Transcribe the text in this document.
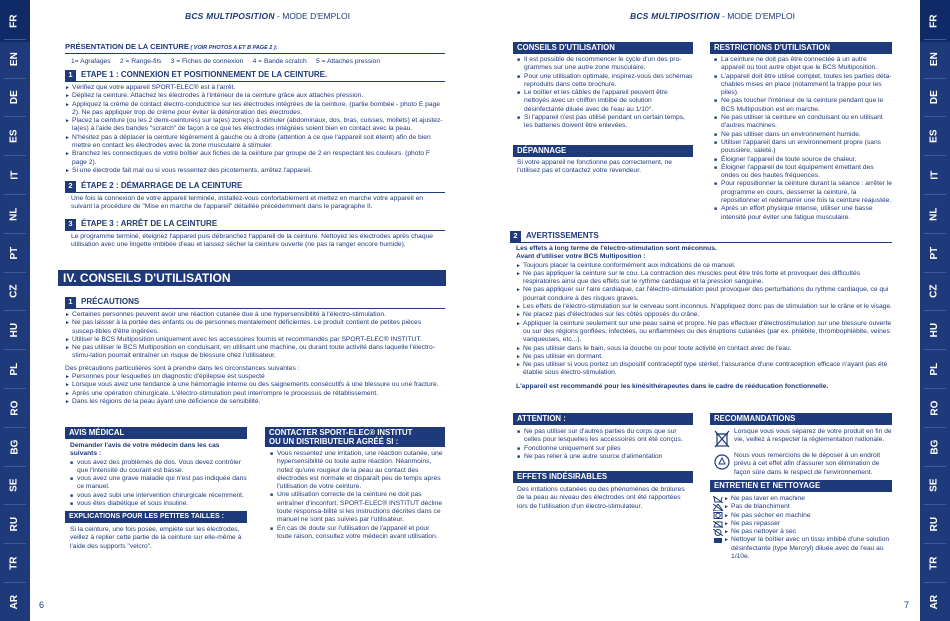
FR
EN
DE
ES
IT
NL
PT
CZ
HU
PL
RO
BG
SE
RU
TR
AR
FR
EN
DE
ES
IT
NL
PT
CZ
HU
PL
RO
BG
SE
RU
TR
AR
BCS MULTIPOSITION - MODE D'EMPLOI	BCS MULTIPOSITION - MODE D'EMPLOI
6	7
PRÉSENTATION DE LA CEINTURE ( VOIR PHOTOS A ET B PAGE 2 ):

1= Agrafages     2 = Range-fils     3 = Fiches de connexion     4 = Bande scratch     5 = Attaches pression

1	ETAPE 1 : CONNEXION ET POSITIONNEMENT DE LA CEINTURE.
► Vérifiez que votre appareil SPORT-ELEC® est à l'arrêt.
► Dépliez la ceinture. Attachez les électrodes à l'intérieur de la ceinture grâce aux attaches pression.
► Appliquez la crème de contact électro-conductrice sur les électrodes intégrées de la ceinture. (partie bombée - photo E page 2). Ne pas appliquer trop de crème pour éviter la détérioration des électrodes.
► Placez la ceinture (ou les 2 demi-ceintures) sur la(es) zone(s) à stimuler (abdominaux, dos, bras, cuisses, mollets) et ajustez-la(es) à l'aide des bandes "scratch" de façon à ce que les électrodes intégrées soient bien en contact avec la peau.
► N'hésitez pas à déplacer la ceinture légèrement à gauche ou à droite (attention à ce que l'appareil soit éteint) afin de bien mettre en contact les électrodes avec la zone musculaire à stimuler.
► Branchez les connectiques de votre boîtier aux fiches de la ceinture par groupe de 2 en respectant les couleurs. (photo F page 2).
► Si une électrode fait mal ou si vous ressentez des picotements, arrêtez l'appareil.
2	ÉTAPE 2 : DÉMARRAGE DE LA CEINTURE

Une fois la connexion de votre appareil terminée, installez-vous confortablement et mettez en marche votre appareil en suivant la procédure de "Mise en marche de l'appareil" détaillée précédemment dans le paragraphe II.

3	ÉTAPE 3 : ARRÊT DE LA CEINTURE

Le programme terminé, éteignez l'appareil puis débranchez l'appareil de la ceinture. Nettoyez les électrodes après chaque utilisation avec une lingette imbibée d'eau et laissez sécher la ceinture ouverte (ne pas la ranger encore humide).

IV. CONSEILS D'UTILISATION
1	PRÉCAUTIONS
► Certaines personnes peuvent avoir une réaction cutanée due à une hypersensibilité à l'électro-stimulation.
► Ne pas laisser à la portée des enfants ou de personnes mentalement déficientes. Le produit contient de petites pièces suscep-tibles d'être ingérées.
► Utiliser le BCS Multiposition uniquement avec les accessoires fournis et recommandés par SPORT-ELEC® INSTITUT.
► Ne pas utiliser le BCS Multiposition en conduisant, en utilisant une machine, ou durant toute activité dans laquelle l'électro-stimu-lation pourrait entraîner un risque de blessure chez l'utilisateur.

Des précautions particulières sont à prendre dans les circonstances suivantes :

► Personnes pour lesquelles un diagnostic d'épilepsie est suspecté
► Lorsque vous avez une tendance à une hémorragie interne ou des saignements consécutifs à une blessure ou une fracture.
► Après une opération chirurgicale. L'électro-stimulation peut interrompre le processus de rétablissement.
► Dans les régions de la peau ayant une déficience de sensibilité.
AVIS MÉDICAL

Demander l'avis de votre médecin dans les cas suivants :

■ vous avez des problèmes de dos. Vous devez contrôler que l'intensité du courant est basse.
■ vous avez une grave maladie qui n'est pas indiquée dans ce manuel.
■ vous avez subi une intervention chirurgicale récemment.
■ vous êtes diabétique et sous insuline.
EXPLICATIONS POUR LES PETITES TAILLES :

Si la ceinture, une fois posée, empiète sur les électrodes, veillez à replier cette partie de la ceinture sur elle-même à l'aide des supports "velcro".

CONTACTER SPORT-ELEC® INSTITUT
OU UN DISTRIBUTEUR AGRÉÉ SI :
■ Vous ressentez une irritation, une réaction cutanée, une hypersensibilité ou toute autre réaction. Néanmoins, notez qu'une rougeur de la peau au contact des électrodes est normale et disparaît peu de temps après l'utilisation de votre ceinture.
■ Une utilisation correcte de la ceinture ne doit pas entraîner d'inconfort. SPORT-ELEC® INSTITUT décline toute responsa-bilité si les instructions décrites dans ce manuel ne sont pas suivies par l'utilisateur.
■ En cas de doute sur l'utilisation de l'appareil et pour toute raison, consultez votre médecin avant utilisation.
CONSEILS D'UTILISATION
■ Il est possible de recommencer le cycle d'un des pro-grammes sur une autre zone musculaire.
■ Pour une utilisation optimale, inspirez-vous des schémas reproduits dans cette brochure.
■ Le boîtier et les câbles de l'appareil peuvent être nettoyés avec un chiffon imbibé de solution désinfectante diluée avec de l'eau au 1/10°.
■ Si l'appareil n'est pas utilisé pendant un certain temps, les batteries doivent être enlevées.
DÉPANNAGE

Si votre appareil ne fonctionne pas correctement, ne l'utilisez pas et contactez votre revendeur.

RESTRICTIONS D'UTILISATION
■ La ceinture ne doit pas être connectée à un autre appareil ou tout autre objet que le BCS Multiposition.
■ L'appareil doit être utilisé complet, toutes les parties déta-chables mises en place (notamment la trappe pour les piles).
■ Ne pas toucher l'intérieur de la ceinture pendant que le BCS Multiposition est en marche.
■ Ne pas utiliser la ceinture en conduisant ou en utilisant d'autres machines.
■ Ne pas utiliser dans un environnement humide.
■ Utiliser l'appareil dans un environnement propre (sans poussière, saleté.)
■ Éloigner l'appareil de toute source de chaleur.
■ Éloigner l'appareil de tout équipement émettant des ondes ou des hautes fréquences.
■ Pour repositionner la ceinture durant la séance : arrêter le programme en cours, desserrer la ceinture, la repositionner et redémarrer une fois la ceinture réajustée.
■ Après un effort physique intense, utiliser une basse intensité pour éviter une fatigue musculaire.
2	AVERTISSEMENTS

Les effets à long terme de l'électro-stimulation sont méconnus.

Avant d'utiliser votre BCS Multiposition :

► Toujours placer la ceinture conformément aux indications de ce manuel.
► Ne pas appliquer la ceinture sur le cou. La contraction des muscles peut être très forte et provoquer des difficultés respiratoires ainsi que des effets sur le rythme cardiaque et la pression sanguine.
► Ne pas appliquer sur l'aire cardiaque, car l'électro-stimulation peut provoquer des perturbations du rythme cardiaque, ce qui pourrait conduire à des risques graves.
► Les effets de l'électro-stimulation sur le cerveau sont inconnus. N'appliquez donc pas de stimulation sur le crâne et le visage.
► Ne placez pas d'électrodes sur les côtés opposés du crâne.
► Appliquer la ceinture seulement sur une peau saine et propre. Ne pas effectuer d'électrostimulation sur une blessure ouverte ou sur des régions gonflées, infectées, ou enflammées ou des éruptions cutanées (par ex. phlébite, thrombophlébite, veines variqueuses, etc...).
► Ne pas utiliser dans le bain, sous la douche ou pour toute activité en contact avec de l'eau.
► Ne pas utiliser en dormant.
► Ne pas utiliser si vous portez un dispositif contraceptif type stérilet, l'assurance d'une contraception efficace n'ayant pas été établie sous électro-stimulation.

L'appareil est recommandé pour les kinésithérapeutes dans le cadre de rééducation fonctionnelle.

ATTENTION :
■ Ne pas utiliser sur d'autres parties du corps que sur celles pour lesquelles les accessoires ont été conçus.
■ Fonctionne uniquement sur piles
■ Ne pas relier à une autre source d'alimentation
EFFETS INDÉSIRABLES

Des irritations cutanées ou des phénomènes de brûlures de la peau au niveau des électrodes ont été rapportées lors de l'utilisation d'un électro-stimulateur.

RECOMMANDATIONS

Lorsque vous vous séparez de votre produit en fin de vie, veillez à respecter la réglementation nationale.

Nous vous remercions de le déposer à un endroit prévu à cet effet afin d'assurer son élimination de façon sûre dans le respect de l'environnement.

ENTRETIEN ET NETTOYAGE
► Ne pas laver en machine
► Pas de blanchiment
► Ne pas sécher en machine
► Ne pas repasser
► Ne pas nettoyer à sec
► Nettoyer le boîtier avec un tissu imbibé d'une solution désinfectante (type Mercryl) diluée avec de l'eau au 1/10e.
